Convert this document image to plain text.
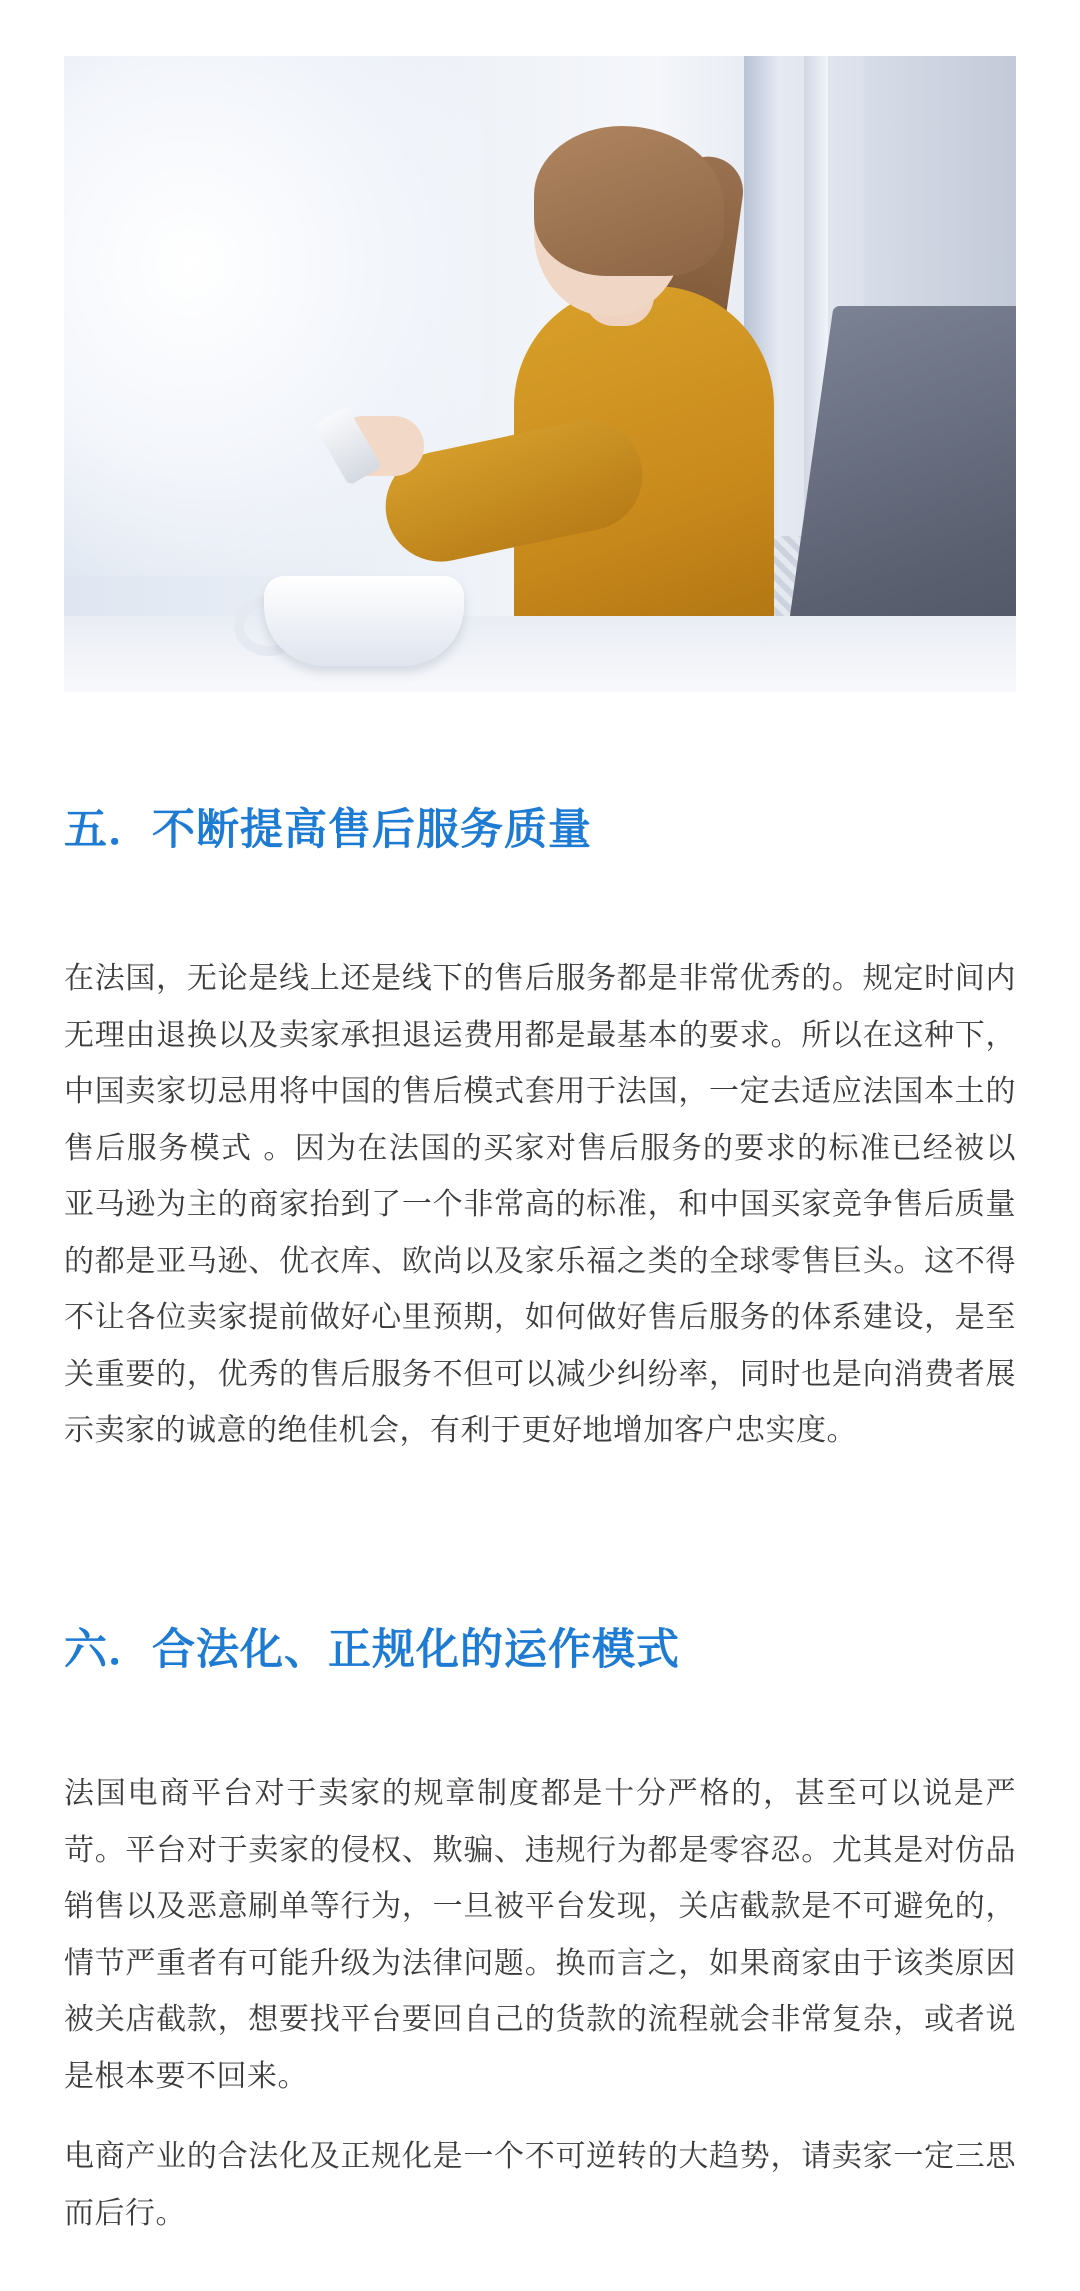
五．不断提高售后服务质量

在法国，无论是线上还是线下的售后服务都是非常优秀的。规定时间内无理由退换以及卖家承担退运费用都是最基本的要求。所以在这种下，中国卖家切忌用将中国的售后模式套用于法国，一定去适应法国本土的售后服务模式 。因为在法国的买家对售后服务的要求的标准已经被以亚马逊为主的商家抬到了一个非常高的标准，和中国买家竞争售后质量的都是亚马逊、优衣库、欧尚以及家乐福之类的全球零售巨头。这不得不让各位卖家提前做好心里预期，如何做好售后服务的体系建设，是至关重要的，优秀的售后服务不但可以减少纠纷率，同时也是向消费者展示卖家的诚意的绝佳机会，有利于更好地增加客户忠实度。

六．合法化、正规化的运作模式

法国电商平台对于卖家的规章制度都是十分严格的，甚至可以说是严苛。平台对于卖家的侵权、欺骗、违规行为都是零容忍。尤其是对仿品销售以及恶意刷单等行为，一旦被平台发现，关店截款是不可避免的，情节严重者有可能升级为法律问题。换而言之，如果商家由于该类原因被关店截款，想要找平台要回自己的货款的流程就会非常复杂，或者说是根本要不回来。

电商产业的合法化及正规化是一个不可逆转的大趋势，请卖家一定三思而后行。
